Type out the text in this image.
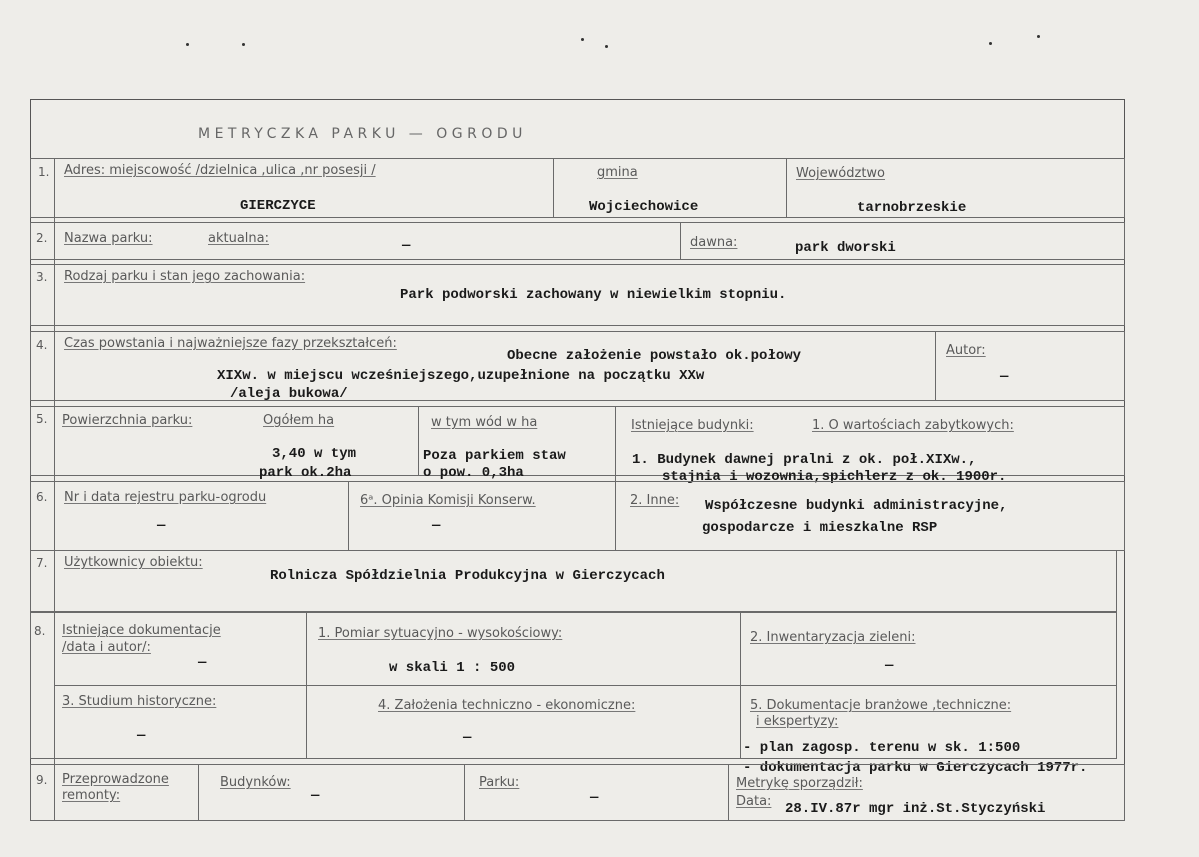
METRYCZKA PARKU — OGRODU
1. Adres: miejscowość /dzielnica ,ulica ,nr posesji /
GIERCZYCE
gmina
Wojciechowice
Województwo
tarnobrzeskie
2. Nazwa parku:	aktualna:	—	dawna:	park dworski
3. Rodzaj parku i stan jego zachowania:
Park podworski zachowany w niewielkim stopniu.
4. Czas powstania i najważniejsze fazy przekształceń:
Obecne założenie powstało ok.połowy
XIXw. w miejscu wcześniejszego,uzupełnione na początku XXw
/aleja bukowa/
Autor:
—
5. Powierzchnia parku:	Ogółem ha
3,40 w tym
park ok.2ha
w tym wód w ha
Poza parkiem staw
o pow. 0,3ha
Istniejące budynki:	1. O wartościach zabytkowych:
1. Budynek dawnej pralni z ok. poł.XIXw.,
stajnia i wozownia,spichlerz z ok. 1900r.
6. Nr i data rejestru parku-ogrodu
—
6ᵃ. Opinia Komisji Konserw.
—
2. Inne: Współczesne budynki administracyjne,
gospodarcze i mieszkalne RSP
7. Użytkownicy obiektu:
Rolnicza Spółdzielnia Produkcyjna w Gierczycach
8. Istniejące dokumentacje
/data i autor/:
—
1. Pomiar sytuacyjno - wysokościowy:
w skali 1 : 500
2. Inwentaryzacja zieleni:
—
3. Studium historyczne:
—
4. Założenia techniczno - ekonomiczne:
—
5. Dokumentacje branżowe ,techniczne:
i ekspertyzy:
- plan zagosp. terenu w sk. 1:500
- dokumentacja parku w Gierczycach 1977r.
9. Przeprowadzone
remonty:
Budynków:
—
Parku:
—
Metrykę sporządził:
Data: 28.IV.87r mgr inż.St.Styczyński
